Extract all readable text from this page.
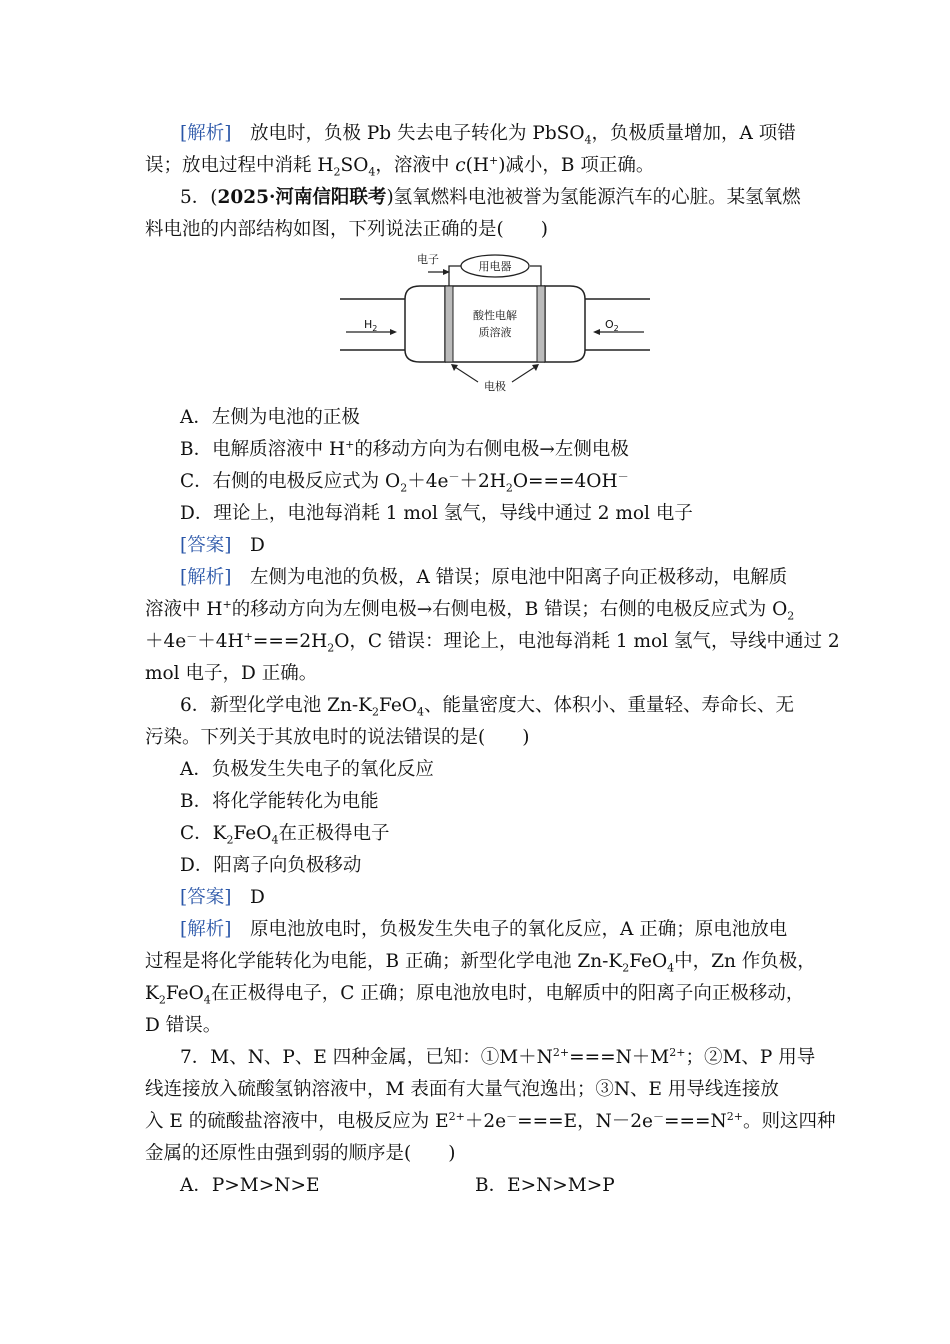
[解析]　 放电时，负极 Pb 失去电子转化为 PbSO$_4$，负极质量增加，A 项错
误；放电过程中消耗 $H_2SO_4$，溶液中 c(H+)减小，B 项正确。
5．(2025·河南信阳联考)氢氧燃料电池被誉为氢能源汽车的心脏。某氢氧燃
料电池的内部结构如图，下列说法正确的是(　　)
用电器
电子
$H_2$	$O_2$
酸性电解
质溶液
电极
A．左侧为电池的正极
B．电解质溶液中 H+的移动方向为右侧电极→左侧电极
C．右侧的电极反应式为 $O_2+4e^-+2H_2O===4OH^-$
D．理论上，电池每消耗 1 mol 氢气，导线中通过 2 mol 电子
[答案]　 D
[解析]　 左侧为电池的负极，A 错误；原电池中阳离子向正极移动，电解质
溶液中 H+的移动方向为左侧电极→右侧电极，B 错误；右侧的电极反应式为 $O_2$
$+4e^-+4H^+===2H_2O$，C 错误：理论上，电池每消耗 1 mol 氢气，导线中通过 2
mol 电子，D 正确。
6．新型化学电池 $Zn-K_2FeO_4$、能量密度大、体积小、重量轻、寿命长、无
污染。下列关于其放电时的说法错误的是(　　)
A．负极发生失电子的氧化反应
B．将化学能转化为电能
C．$K_2FeO_4$在正极得电子
D．阳离子向负极移动
[答案]　 D
[解析]　 原电池放电时，负极发生失电子的氧化反应，A 正确；原电池放电
过程是将化学能转化为电能，B 正确；新型化学电池 $Zn-K_2FeO_4$中，Zn 作负极，
$K_2FeO_4$在正极得电子，C 正确；原电池放电时，电解质中的阳离子向正极移动，
D 错误。
7．M、N、P、E 四种金属，已知：$①M+N^{2+}===N+M^{2+}$；②M、P 用导
线连接放入硫酸氢钠溶液中，M 表面有大量气泡逸出；③N、E 用导线连接放
入 E 的硫酸盐溶液中，电极反应为 $E^{2+}+2e^-===E$，$N-2e^-===N^{2+}$。则这四种
金属的还原性由强到弱的顺序是(　　)
A．P>M>N>E	B．E>N>M>P
